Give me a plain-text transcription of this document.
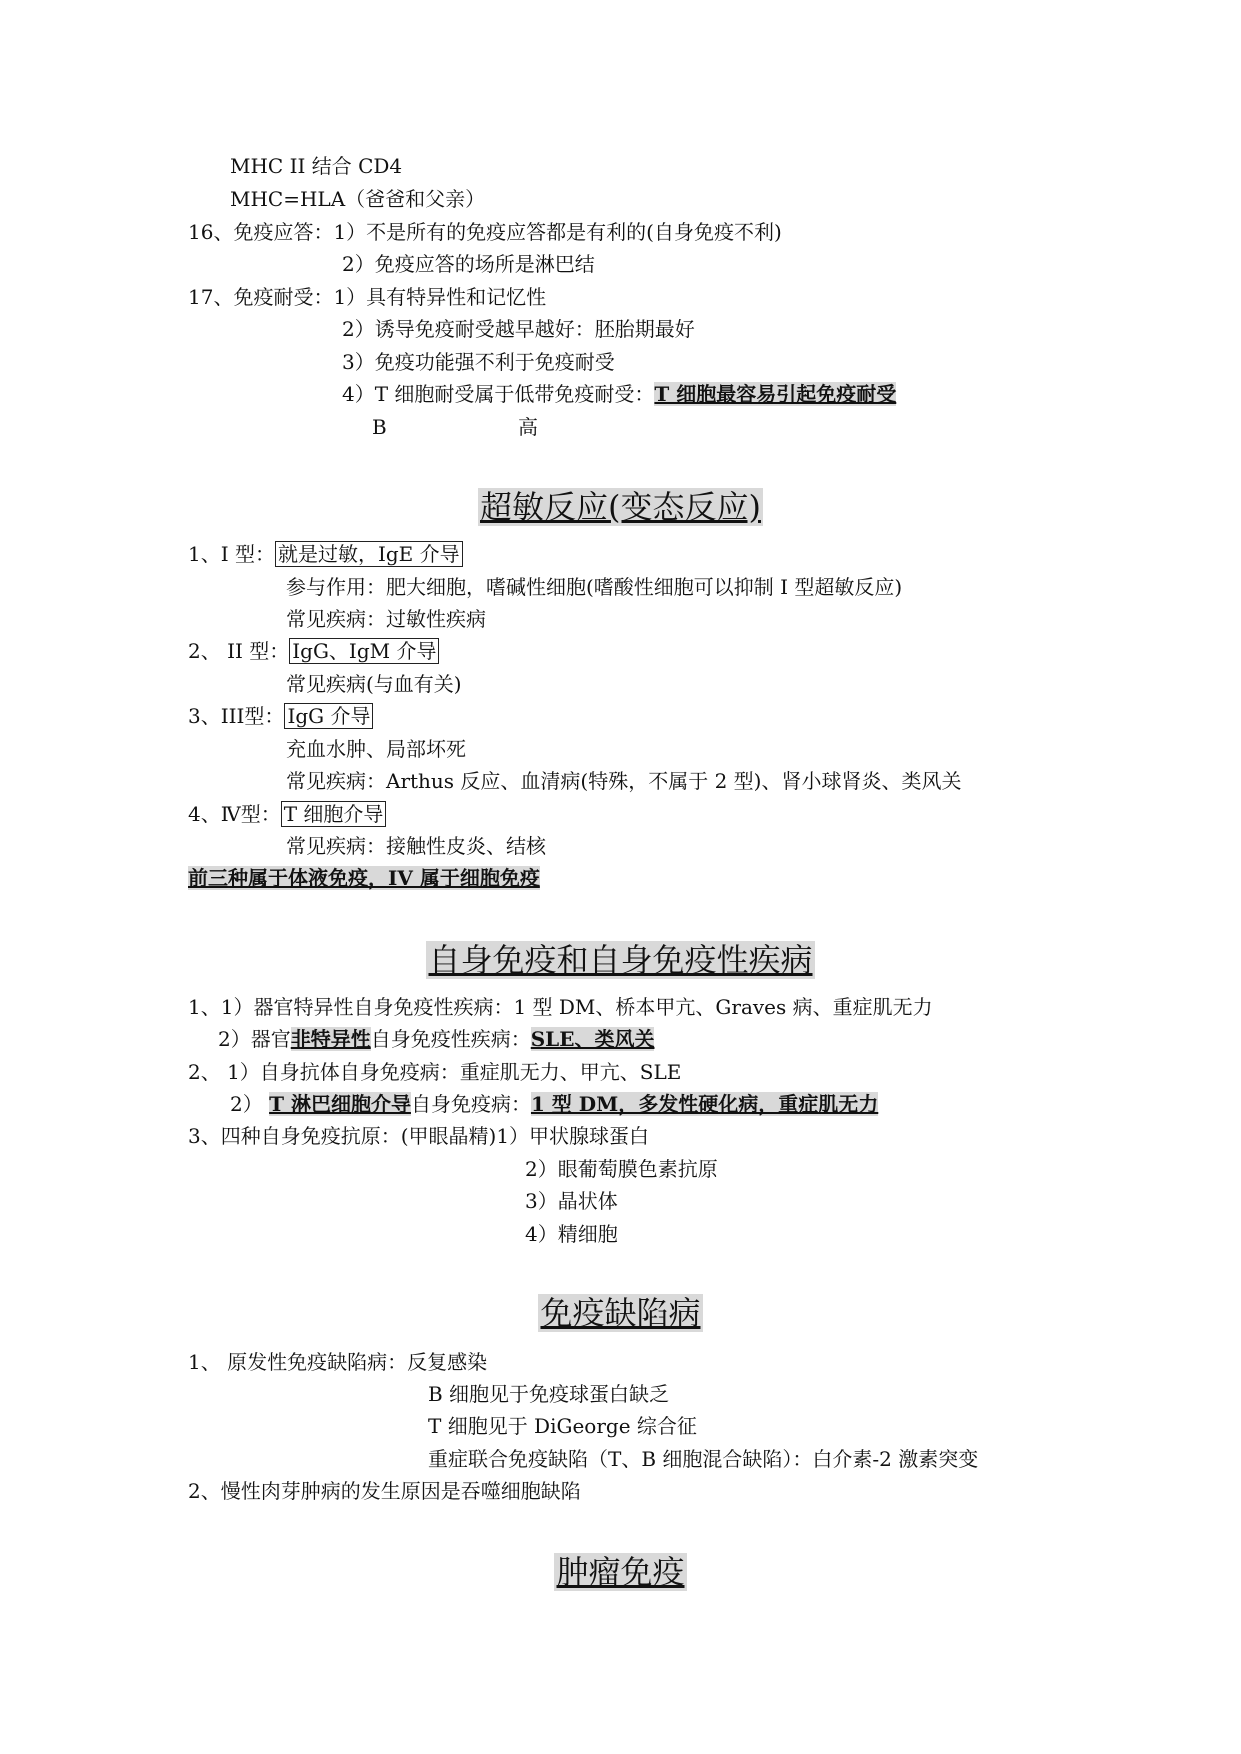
MHC II 结合 CD4
MHC=HLA（爸爸和父亲）
16、免疫应答：1）不是所有的免疫应答都是有利的(自身免疫不利)
2）免疫应答的场所是淋巴结
17、免疫耐受：1）具有特异性和记忆性
2）诱导免疫耐受越早越好：胚胎期最好
3）免疫功能强不利于免疫耐受
4）T 细胞耐受属于低带免疫耐受：T 细胞最容易引起免疫耐受
B	高
超敏反应(变态反应)
1、I 型： 就是过敏，IgE 介导
参与作用：肥大细胞，嗜碱性细胞(嗜酸性细胞可以抑制 I 型超敏反应)
常见疾病：过敏性疾病
2、 II 型： IgG、IgM 介导
常见疾病(与血有关)
3、III型： IgG 介导
充血水肿、局部坏死
常见疾病：Arthus 反应、血清病(特殊，不属于 2 型)、肾小球肾炎、类风关
4、Ⅳ型： T 细胞介导
常见疾病：接触性皮炎、结核
前三种属于体液免疫，IV 属于细胞免疫
自身免疫和自身免疫性疾病
1、1）器官特异性自身免疫性疾病：1 型 DM、桥本甲亢、Graves 病、重症肌无力
2）器官非特异性自身免疫性疾病：SLE、类风关
2、 1）自身抗体自身免疫病：重症肌无力、甲亢、SLE
2） T 淋巴细胞介导自身免疫病：1 型 DM，多发性硬化病，重症肌无力
3、四种自身免疫抗原：(甲眼晶精)1）甲状腺球蛋白
2）眼葡萄膜色素抗原
3）晶状体
4）精细胞
免疫缺陷病
1、 原发性免疫缺陷病：反复感染
B 细胞见于免疫球蛋白缺乏
T 细胞见于 DiGeorge 综合征
重症联合免疫缺陷（T、B 细胞混合缺陷）：白介素-2 激素突变
2、慢性肉芽肿病的发生原因是吞噬细胞缺陷
肿瘤免疫
